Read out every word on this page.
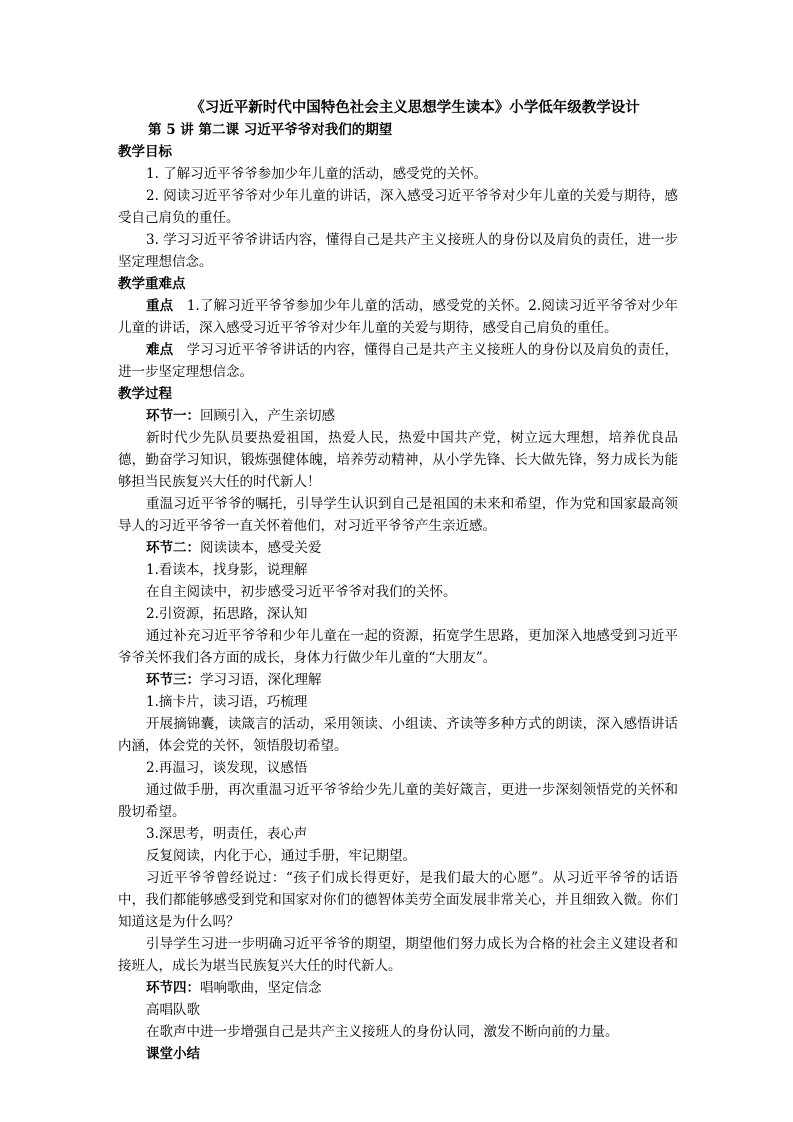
《习近平新时代中国特色社会主义思想学生读本》小学低年级教学设计
第 5 讲 第二课 习近平爷爷对我们的期望
教学目标
1. 了解习近平爷爷参加少年儿童的活动，感受党的关怀。
2. 阅读习近平爷爷对少年儿童的讲话，深入感受习近平爷爷对少年儿童的关爱与期待，感受自己肩负的重任。
3. 学习习近平爷爷讲话内容，懂得自己是共产主义接班人的身份以及肩负的责任，进一步坚定理想信念。
教学重难点
重点 1.了解习近平爷爷参加少年儿童的活动，感受党的关怀。2.阅读习近平爷爷对少年儿童的讲话，深入感受习近平爷爷对少年儿童的关爱与期待，感受自己肩负的重任。
难点 学习习近平爷爷讲话的内容，懂得自己是共产主义接班人的身份以及肩负的责任，进一步坚定理想信念。
教学过程
环节一：回顾引入，产生亲切感
新时代少先队员要热爱祖国，热爱人民，热爱中国共产党，树立远大理想，培养优良品德，勤奋学习知识，锻炼强健体魄，培养劳动精神，从小学先锋、长大做先锋，努力成长为能够担当民族复兴大任的时代新人！
重温习近平爷爷的嘱托，引导学生认识到自己是祖国的未来和希望，作为党和国家最高领导人的习近平爷爷一直关怀着他们，对习近平爷爷产生亲近感。
环节二：阅读读本，感受关爱
1.看读本，找身影，说理解
在自主阅读中，初步感受习近平爷爷对我们的关怀。
2.引资源，拓思路，深认知
通过补充习近平爷爷和少年儿童在一起的资源，拓宽学生思路，更加深入地感受到习近平爷爷关怀我们各方面的成长，身体力行做少年儿童的“大朋友”。
环节三：学习习语，深化理解
1.摘卡片，读习语，巧梳理
开展摘锦囊，读箴言的活动，采用领读、小组读、齐读等多种方式的朗读，深入感悟讲话内涵，体会党的关怀，领悟殷切希望。
2.再温习，谈发现，议感悟
通过做手册，再次重温习近平爷爷给少先儿童的美好箴言，更进一步深刻领悟党的关怀和殷切希望。
3.深思考，明责任，表心声
反复阅读，内化于心，通过手册，牢记期望。
习近平爷爷曾经说过：“孩子们成长得更好，是我们最大的心愿”。从习近平爷爷的话语中，我们都能够感受到党和国家对你们的德智体美劳全面发展非常关心，并且细致入微。你们知道这是为什么吗？
引导学生习进一步明确习近平爷爷的期望，期望他们努力成长为合格的社会主义建设者和接班人，成长为堪当民族复兴大任的时代新人。
环节四：唱响歌曲，坚定信念
高唱队歌
在歌声中进一步增强自己是共产主义接班人的身份认同，激发不断向前的力量。
课堂小结
